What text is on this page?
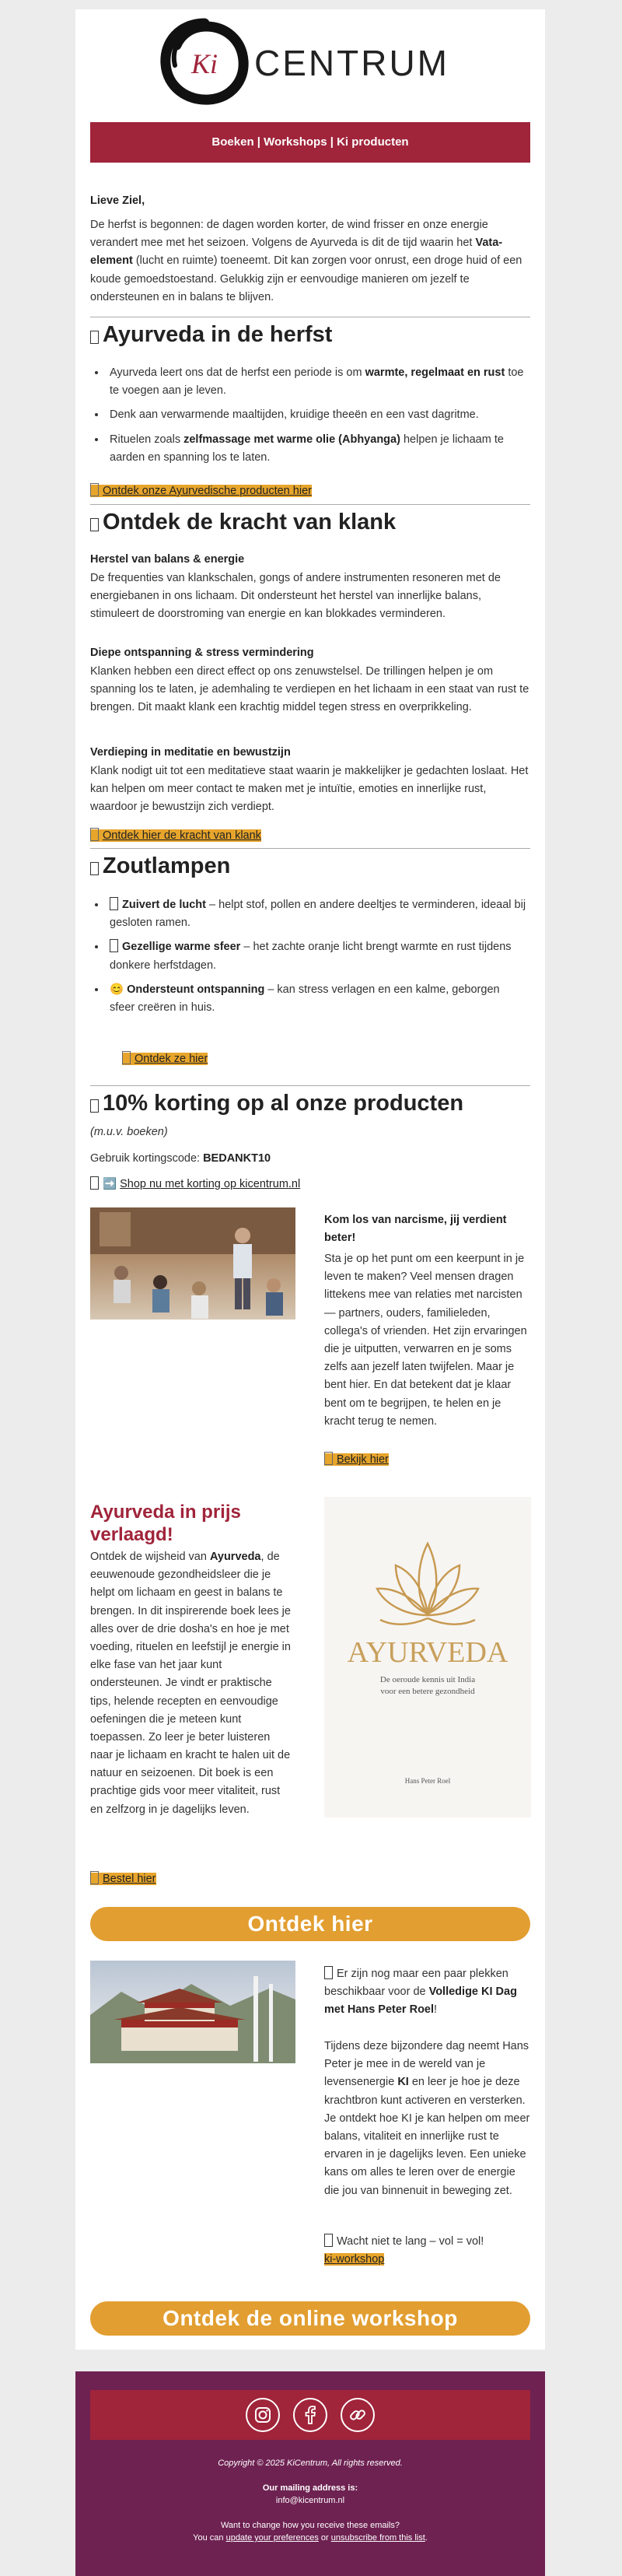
Ki CENTRUM
Boeken | Workshops | Ki producten
Lieve Ziel,
De herfst is begonnen: de dagen worden korter, de wind frisser en onze energie verandert mee met het seizoen. Volgens de Ayurveda is dit de tijd waarin het Vata-element (lucht en ruimte) toeneemt. Dit kan zorgen voor onrust, een droge huid of een koude gemoedstoestand. Gelukkig zijn er eenvoudige manieren om jezelf te ondersteunen en in balans te blijven.
Ayurveda in de herfst
• Ayurveda leert ons dat de herfst een periode is om warmte, regelmaat en rust toe te voegen aan je leven.
• Denk aan verwarmende maaltijden, kruidige theeën en een vast dagritme.
• Rituelen zoals zelfmassage met warme olie (Abhyanga) helpen je lichaam te aarden en spanning los te laten.
Ontdek onze Ayurvedische producten hier
Ontdek de kracht van klank
Herstel van balans & energie
De frequenties van klankschalen, gongs of andere instrumenten resoneren met de energiebanen in ons lichaam. Dit ondersteunt het herstel van innerlijke balans, stimuleert de doorstroming van energie en kan blokkades verminderen.
Diepe ontspanning & stress vermindering
Klanken hebben een direct effect op ons zenuwstelsel. De trillingen helpen je om spanning los te laten, je ademhaling te verdiepen en het lichaam in een staat van rust te brengen. Dit maakt klank een krachtig middel tegen stress en overprikkeling.
Verdieping in meditatie en bewustzijn
Klank nodigt uit tot een meditatieve staat waarin je makkelijker je gedachten loslaat. Het kan helpen om meer contact te maken met je intuïtie, emoties en innerlijke rust, waardoor je bewustzijn zich verdiept.
Ontdek hier de kracht van klank
Zoutlampen
• Zuivert de lucht – helpt stof, pollen en andere deeltjes te verminderen, ideaal bij gesloten ramen.
• Gezellige warme sfeer – het zachte oranje licht brengt warmte en rust tijdens donkere herfstdagen.
• 😊 Ondersteunt ontspanning – kan stress verlagen en een kalme, geborgen sfeer creëren in huis.
Ontdek ze hier
10% korting op al onze producten
(m.u.v. boeken)
Gebruik kortingscode: BEDANKT10
➡️ Shop nu met korting op kicentrum.nl
Kom los van narcisme, jij verdient beter!
Sta je op het punt om een keerpunt in je leven te maken? Veel mensen dragen littekens mee van relaties met narcisten — partners, ouders, familieleden, collega's of vrienden. Het zijn ervaringen die je uitputten, verwarren en je soms zelfs aan jezelf laten twijfelen. Maar je bent hier. En dat betekent dat je klaar bent om te begrijpen, te helen en je kracht terug te nemen.
Bekijk hier
Ayurveda in prijs verlaagd!
Ontdek de wijsheid van Ayurveda, de eeuwenoude gezondheidsleer die je helpt om lichaam en geest in balans te brengen. In dit inspirerende boek lees je alles over de drie dosha's en hoe je met voeding, rituelen en leefstijl je energie in elke fase van het jaar kunt ondersteunen. Je vindt er praktische tips, helende recepten en eenvoudige oefeningen die je meteen kunt toepassen. Zo leer je beter luisteren naar je lichaam en kracht te halen uit de natuur en seizoenen. Dit boek is een prachtige gids voor meer vitaliteit, rust en zelfzorg in je dagelijks leven.
Bestel hier
AYURVEDA
De oeroude kennis uit India
voor een betere gezondheid
Hans Peter Roel
Ontdek hier
Er zijn nog maar een paar plekken beschikbaar voor de Volledige KI Dag met Hans Peter Roel!
Tijdens deze bijzondere dag neemt Hans Peter je mee in de wereld van je levensenergie KI en leer je hoe je deze krachtbron kunt activeren en versterken. Je ontdekt hoe KI je kan helpen om meer balans, vitaliteit en innerlijke rust te ervaren in je dagelijks leven. Een unieke kans om alles te leren over de energie die jou van binnenuit in beweging zet.
Wacht niet te lang – vol = vol!
ki-workshop
Ontdek de online workshop
Copyright © 2025 KiCentrum, All rights reserved.
Our mailing address is:
info@kicentrum.nl
Want to change how you receive these emails?
You can update your preferences or unsubscribe from this list.
